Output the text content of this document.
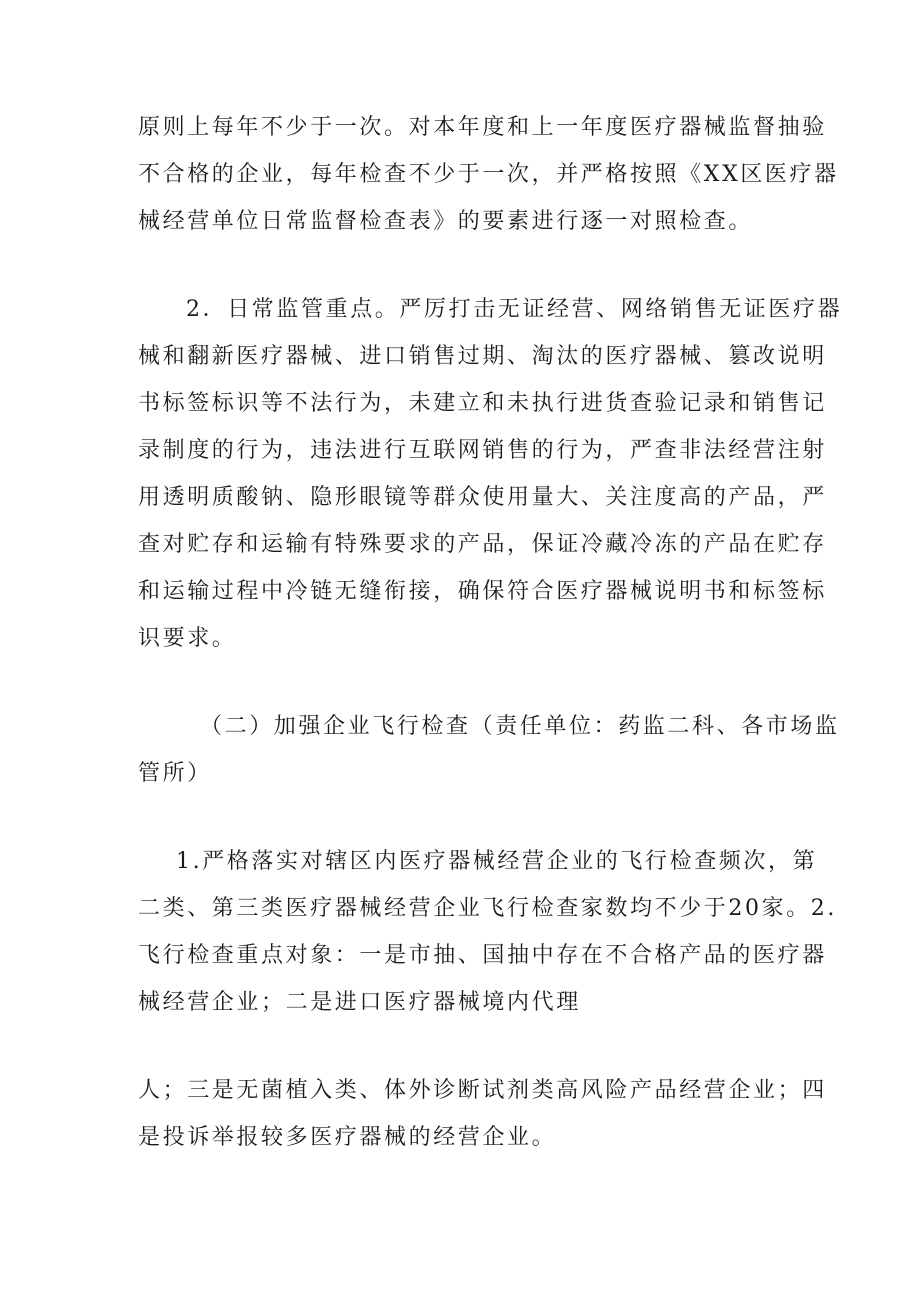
原则上每年不少于一次。对本年度和上一年度医疗器械监督抽验
不合格的企业，每年检查不少于一次，并严格按照《XX区医疗器
械经营单位日常监督检查表》的要素进行逐一对照检查。
2．日常监管重点。严厉打击无证经营、网络销售无证医疗器
械和翻新医疗器械、进口销售过期、淘汰的医疗器械、篡改说明
书标签标识等不法行为，未建立和未执行进货查验记录和销售记
录制度的行为，违法进行互联网销售的行为，严查非法经营注射
用透明质酸钠、隐形眼镜等群众使用量大、关注度高的产品，严
查对贮存和运输有特殊要求的产品，保证冷藏冷冻的产品在贮存
和运输过程中冷链无缝衔接，确保符合医疗器械说明书和标签标
识要求。
（二）加强企业飞行检查（责任单位：药监二科、各市场监
管所）
1.严格落实对辖区内医疗器械经营企业的飞行检查频次，第
二类、第三类医疗器械经营企业飞行检查家数均不少于20家。2.
飞行检查重点对象：一是市抽、国抽中存在不合格产品的医疗器
械经营企业；二是进口医疗器械境内代理
人；三是无菌植入类、体外诊断试剂类高风险产品经营企业；四
是投诉举报较多医疗器械的经营企业。
